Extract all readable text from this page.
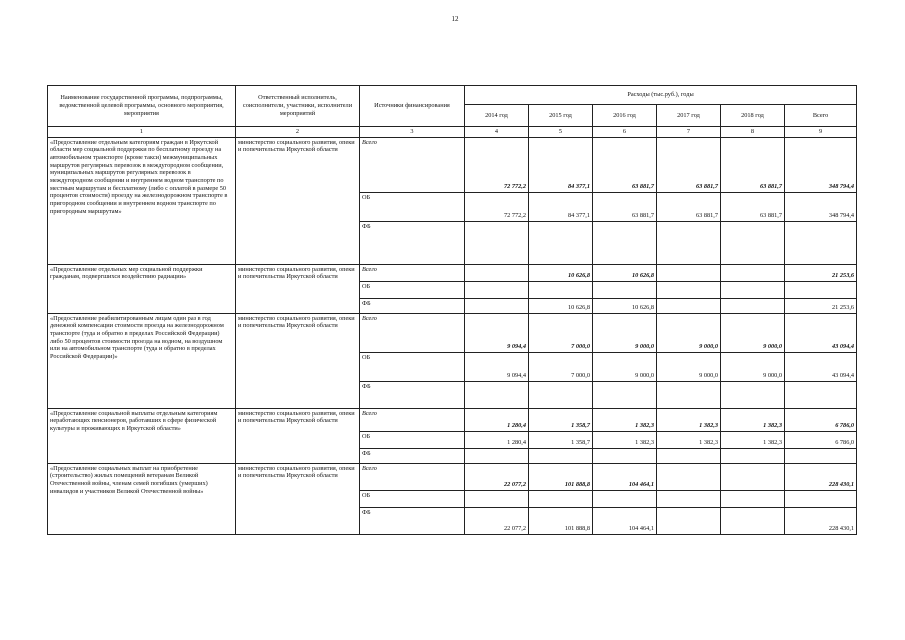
12
Наименование государственной программы, подпрограммы, ведомственной целевой программы, основного мероприятия, мероприятия	Ответственный исполнитель, соисполнители, участники, исполнители мероприятий	Источники финансирования	Расходы (тыс.руб.), годы					
			2014 год	2015 год	2016 год	2017 год	2018 год	Всего
1	2	3	4	5	6	7	8	9
«Предоставление отдельным категориям граждан в Иркутской области мер социальной поддержки по бесплатному проезду на автомобильном транспорте (кроме такси) межмуниципальных маршрутов регулярных перевозок в междугородном сообщении, муниципальных маршрутов регулярных перевозок в междугородном сообщении и внутреннем водном транспорте по местным маршрутам и бесплатному (либо с оплатой в размере 50 процентов стоимости) проезду на железнодорожном транспорте в пригородном сообщении и внутреннем водном транспорте по пригородным маршрутам»	министерство социального развития, опеки и попечительства Иркутской области	Всего	72 772,2	84 377,1	63 881,7	63 881,7	63 881,7	348 794,4
		ОБ	72 772,2	84 377,1	63 881,7	63 881,7	63 881,7	348 794,4
		ФБ						
«Предоставление отдельных мер социальной поддержки гражданам, подвергшихся воздействию радиации»	министерство социального развития, опеки и попечительства Иркутской области	Всего		10 626,8	10 626,8			21 253,6
		ОБ						
		ФБ		10 626,8	10 626,8			21 253,6
«Предоставление реабилитированным лицам один раз в год денежной компенсации стоимости проезда на железнодорожном транспорте (туда и обратно в пределах Российской Федерации) либо 50 процентов стоимости проезда на водном, на воздушном или на автомобильном транспорте (туда и обратно в пределах Российской Федерации)»	министерство социального развития, опеки и попечительства Иркутской области	Всего	9 094,4	7 000,0	9 000,0	9 000,0	9 000,0	43 094,4
		ОБ	9 094,4	7 000,0	9 000,0	9 000,0	9 000,0	43 094,4
		ФБ						
«Предоставление социальной выплаты отдельным категориям неработающих пенсионеров, работавших в сфере физической культуры и проживающих в Иркутской области»	министерство социального развития, опеки и попечительства Иркутской области	Всего	1 280,4	1 358,7	1 382,3	1 382,3	1 382,3	6 786,0
		ОБ	1 280,4	1 358,7	1 382,3	1 382,3	1 382,3	6 786,0
		ФБ						
«Предоставление социальных выплат на приобретение (строительство) жилых помещений ветеранам Великой Отечественной войны, членам семей погибших (умерших) инвалидов и участников Великой Отечественной войны»	министерство социального развития, опеки и попечительства Иркутской области	Всего	22 077,2	101 888,8	104 464,1			228 430,1
		ОБ						
		ФБ	22 077,2	101 888,8	104 464,1			228 430,1
